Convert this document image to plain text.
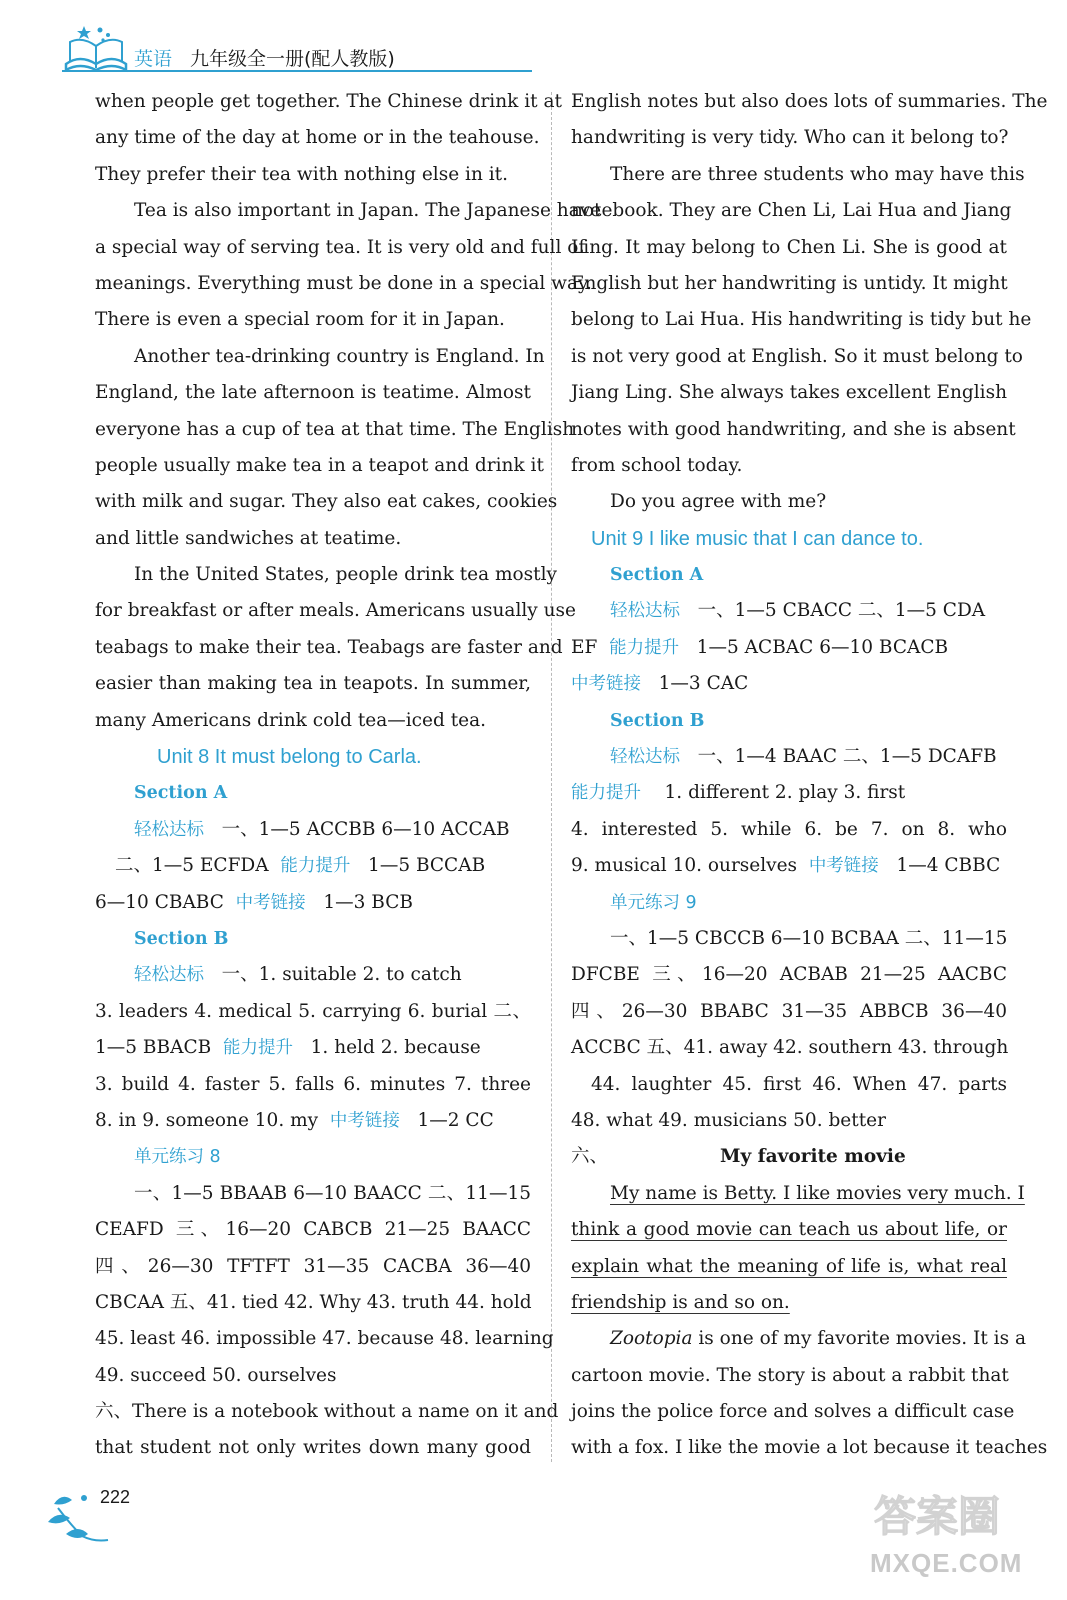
英语 九年级全一册(配人教版)
when people get together. The Chinese drink it at
any time of the day at home or in the teahouse.
They prefer their tea with nothing else in it.
Tea is also important in Japan. The Japanese have
a special way of serving tea. It is very old and full of
meanings. Everything must be done in a special way.
There is even a special room for it in Japan.
Another tea-drinking country is England. In
England, the late afternoon is teatime. Almost
everyone has a cup of tea at that time. The English
people usually make tea in a teapot and drink it
with milk and sugar. They also eat cakes, cookies
and little sandwiches at teatime.
In the United States, people drink tea mostly
for breakfast or after meals. Americans usually use
teabags to make their tea. Teabags are faster and
easier than making tea in teapots. In summer,
many Americans drink cold tea—iced tea.
Unit 8 It must belong to Carla.
Section A
轻松达标 一、1—5 ACCBB 6—10 ACCAB
二、1—5 ECFDA 能力提升 1—5 BCCAB
6—10 CBABC 中考链接 1—3 BCB
Section B
轻松达标 一、1. suitable 2. to catch
3. leaders 4. medical 5. carrying 6. burial 二、
1—5 BBACB 能力提升 1. held 2. because
3. build 4. faster 5. falls 6. minutes 7. three
8. in 9. someone 10. my 中考链接 1—2 CC
单元练习 8
一、1—5 BBAAB 6—10 BAACC 二、11—15
CEAFD 三、16—20 CABCB 21—25 BAACC
四、26—30 TFTFT 31—35 CACBA 36—40
CBCAA 五、41. tied 42. Why 43. truth 44. hold
45. least 46. impossible 47. because 48. learning
49. succeed 50. ourselves
六、There is a notebook without a name on it and
that student not only writes down many good
English notes but also does lots of summaries. The
handwriting is very tidy. Who can it belong to?
There are three students who may have this
notebook. They are Chen Li, Lai Hua and Jiang
Ling. It may belong to Chen Li. She is good at
English but her handwriting is untidy. It might
belong to Lai Hua. His handwriting is tidy but he
is not very good at English. So it must belong to
Jiang Ling. She always takes excellent English
notes with good handwriting, and she is absent
from school today.
Do you agree with me?
Unit 9 I like music that I can dance to.
Section A
轻松达标 一、1—5 CBACC 二、1—5 CDA
EF 能力提升 1—5 ACBAC 6—10 BCACB
中考链接 1—3 CAC
Section B
轻松达标 一、1—4 BAAC 二、1—5 DCAFB
能力提升 1. different 2. play 3. first
4. interested 5. while 6. be 7. on 8. who
9. musical 10. ourselves 中考链接 1—4 CBBC
单元练习 9
一、1—5 CBCCB 6—10 BCBAA 二、11—15
DFCBE 三、16—20 ACBAB 21—25 AACBC
四、26—30 BBABC 31—35 ABBCB 36—40
ACCBC 五、41. away 42. southern 43. through
44. laughter 45. first 46. When 47. parts
48. what 49. musicians 50. better
六、	My favorite movie
My name is Betty. I like movies very much. I
think a good movie can teach us about life, or
explain what the meaning of life is, what real
friendship is and so on.
Zootopia is one of my favorite movies. It is a
cartoon movie. The story is about a rabbit that
joins the police force and solves a difficult case
with a fox. I like the movie a lot because it teaches
222	答案圈
MXQE.COM
